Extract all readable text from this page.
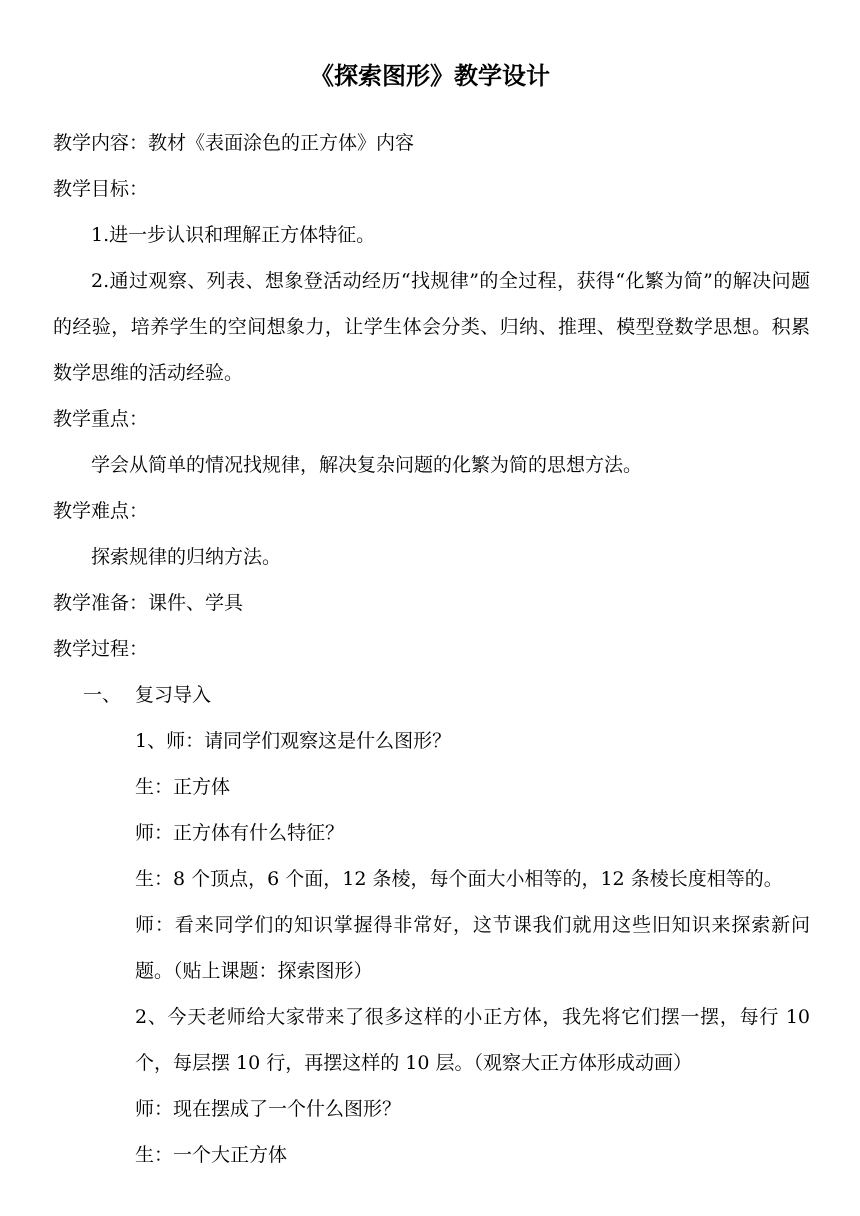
《探索图形》教学设计

教学内容：教材《表面涂色的正方体》内容

教学目标：

1.进一步认识和理解正方体特征。

2.通过观察、列表、想象登活动经历“找规律”的全过程，获得“化繁为简”的解决问题的经验，培养学生的空间想象力，让学生体会分类、归纳、推理、模型登数学思想。积累数学思维的活动经验。

教学重点：

学会从简单的情况找规律，解决复杂问题的化繁为简的思想方法。

教学难点：

探索规律的归纳方法。

教学准备：课件、学具

教学过程：

一、 复习导入

1、师：请同学们观察这是什么图形？

生：正方体

师：正方体有什么特征？

生：8 个顶点，6 个面，12 条棱，每个面大小相等的，12 条棱长度相等的。

师：看来同学们的知识掌握得非常好，这节课我们就用这些旧知识来探索新问题。（贴上课题：探索图形）

2、今天老师给大家带来了很多这样的小正方体，我先将它们摆一摆，每行 10 个，每层摆 10 行，再摆这样的 10 层。（观察大正方体形成动画）

师：现在摆成了一个什么图形？

生：一个大正方体
